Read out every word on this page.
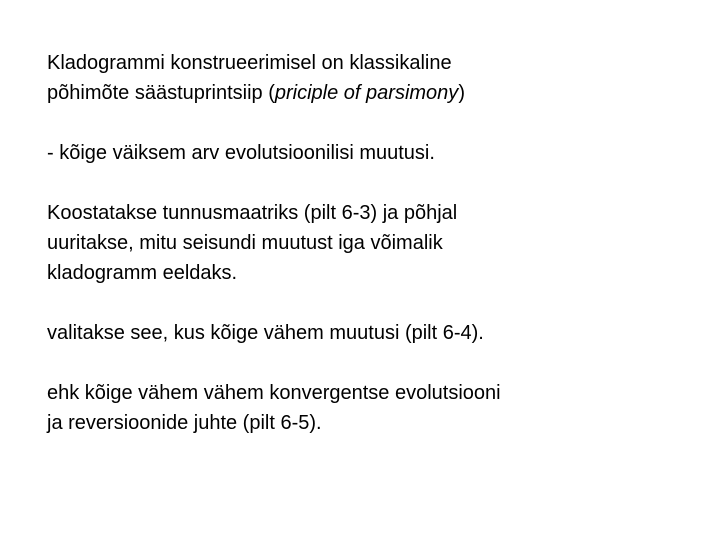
Kladogrammi konstrueerimisel on klassikaline
põhimõte säästuprintsiip (priciple of parsimony)

- kõige väiksem arv evolutsioonilisi muutusi.

Koostatakse tunnusmaatriks (pilt 6-3) ja põhjal
uuritakse, mitu seisundi muutust iga võimalik
kladogramm eeldaks.

valitakse see, kus kõige vähem muutusi (pilt 6-4).

ehk kõige vähem vähem konvergentse evolutsiooni
ja reversioonide juhte (pilt 6-5).
